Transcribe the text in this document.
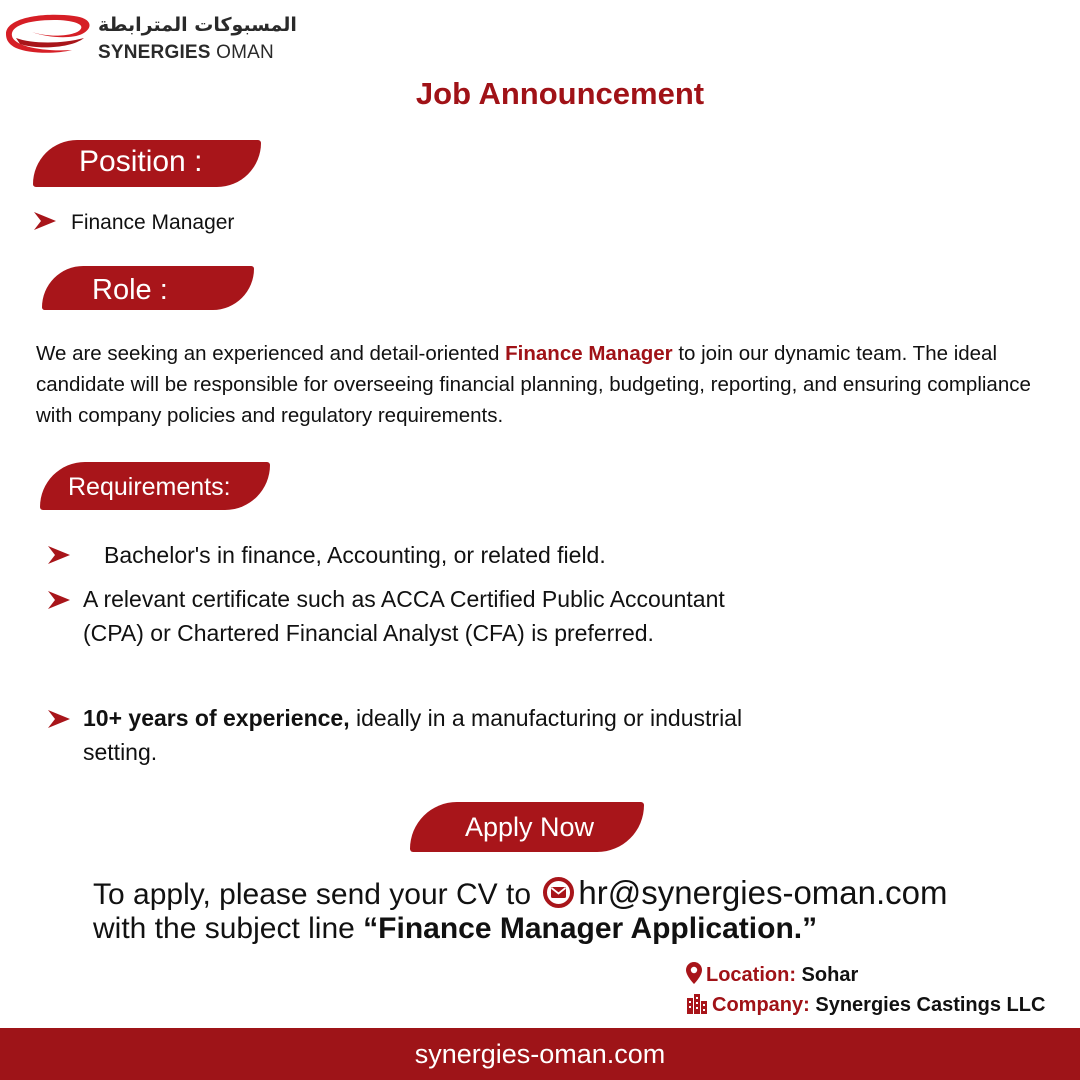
المسبوكات المترابطة
SYNERGIES OMAN
Job Announcement
Position :
Finance Manager
Role :
We are seeking an experienced and detail-oriented Finance Manager to join our dynamic team. The ideal candidate will be responsible for overseeing financial planning, budgeting, reporting, and ensuring compliance with company policies and regulatory requirements.
Requirements:
Bachelor's in finance, Accounting, or related field.
A relevant certificate such as ACCA Certified Public Accountant (CPA) or Chartered Financial Analyst (CFA) is preferred.
10+ years of experience, ideally in a manufacturing or industrial setting.
Apply Now
To apply, please send your CV to hr@synergies-oman.com
with the subject line “Finance Manager Application.”
Location: Sohar
Company: Synergies Castings LLC
synergies-oman.com
